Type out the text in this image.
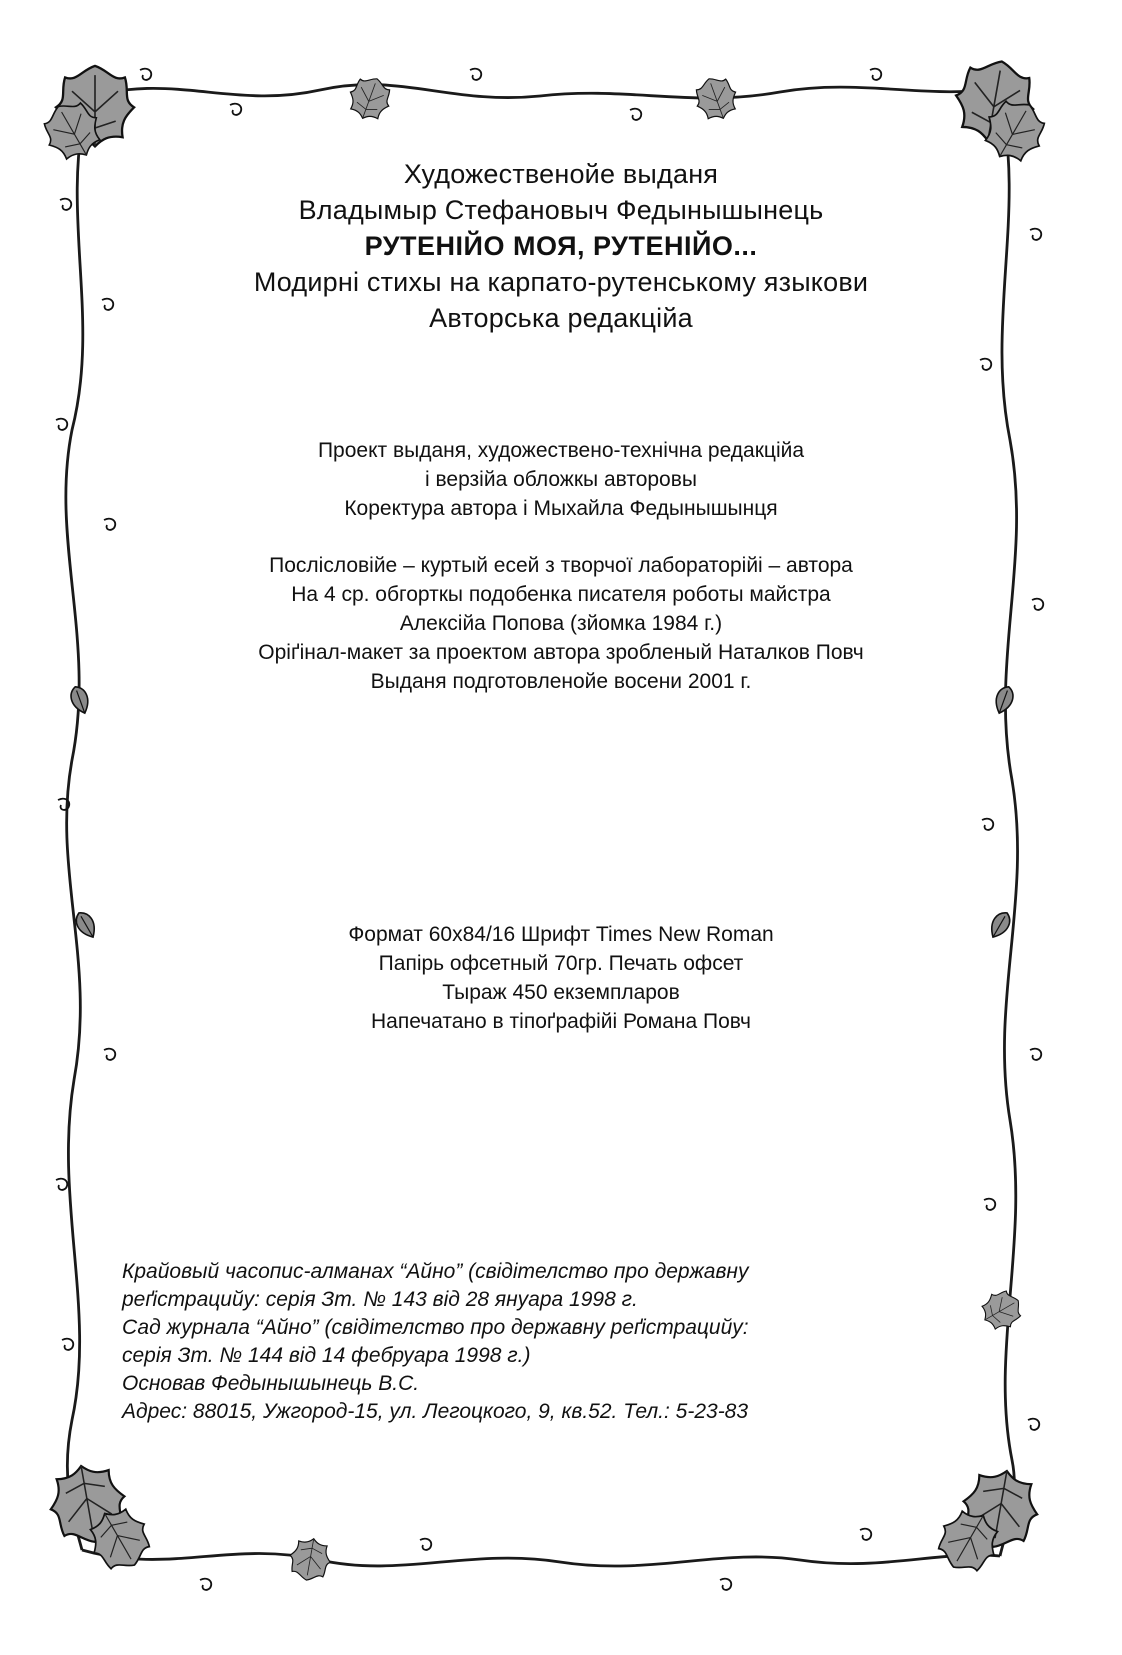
Художественойе выданя

Владымыр Стефановыч Федынышынець

РУТЕНІЙО МОЯ, РУТЕНІЙО...

Модирні стихы на карпато-рутенському языкови

Авторська редакційа

Проект выданя, художествено-технічна редакційа

і верзійа обложкы авторовы

Коректура автора і Мыхайла Федынышынця

Послісловійе – куртый есей з творчої лабораторійі – автора

На 4 ср. обгорткы подобенка писателя роботы майстра

Алексійа Попова (зйомка 1984 г.)

Оріґінал-макет за проектом автора зробленый Наталков Повч

Выданя подготовленойе восени 2001 г.

Формат 60х84/16 Шрифт Times New Roman

Папірь офсетный 70гр. Печать офсет

Тыраж 450 екземпларов

Напечатано в тіпоґрафійі Романа Повч

Крайовый часопис-алманах “Айно” (свідітелство про державну

реґістрацийу: серія Зт. № 143 від 28 януара 1998 г.

Сад журнала “Айно” (свідітелство про державну реґістрацийу:

серія Зт. № 144 від 14 фебруара 1998 г.)

Основав Федынышынець В.С.

Адрес: 88015, Ужгород-15, ул. Легоцкого, 9, кв.52. Тел.: 5-23-83
